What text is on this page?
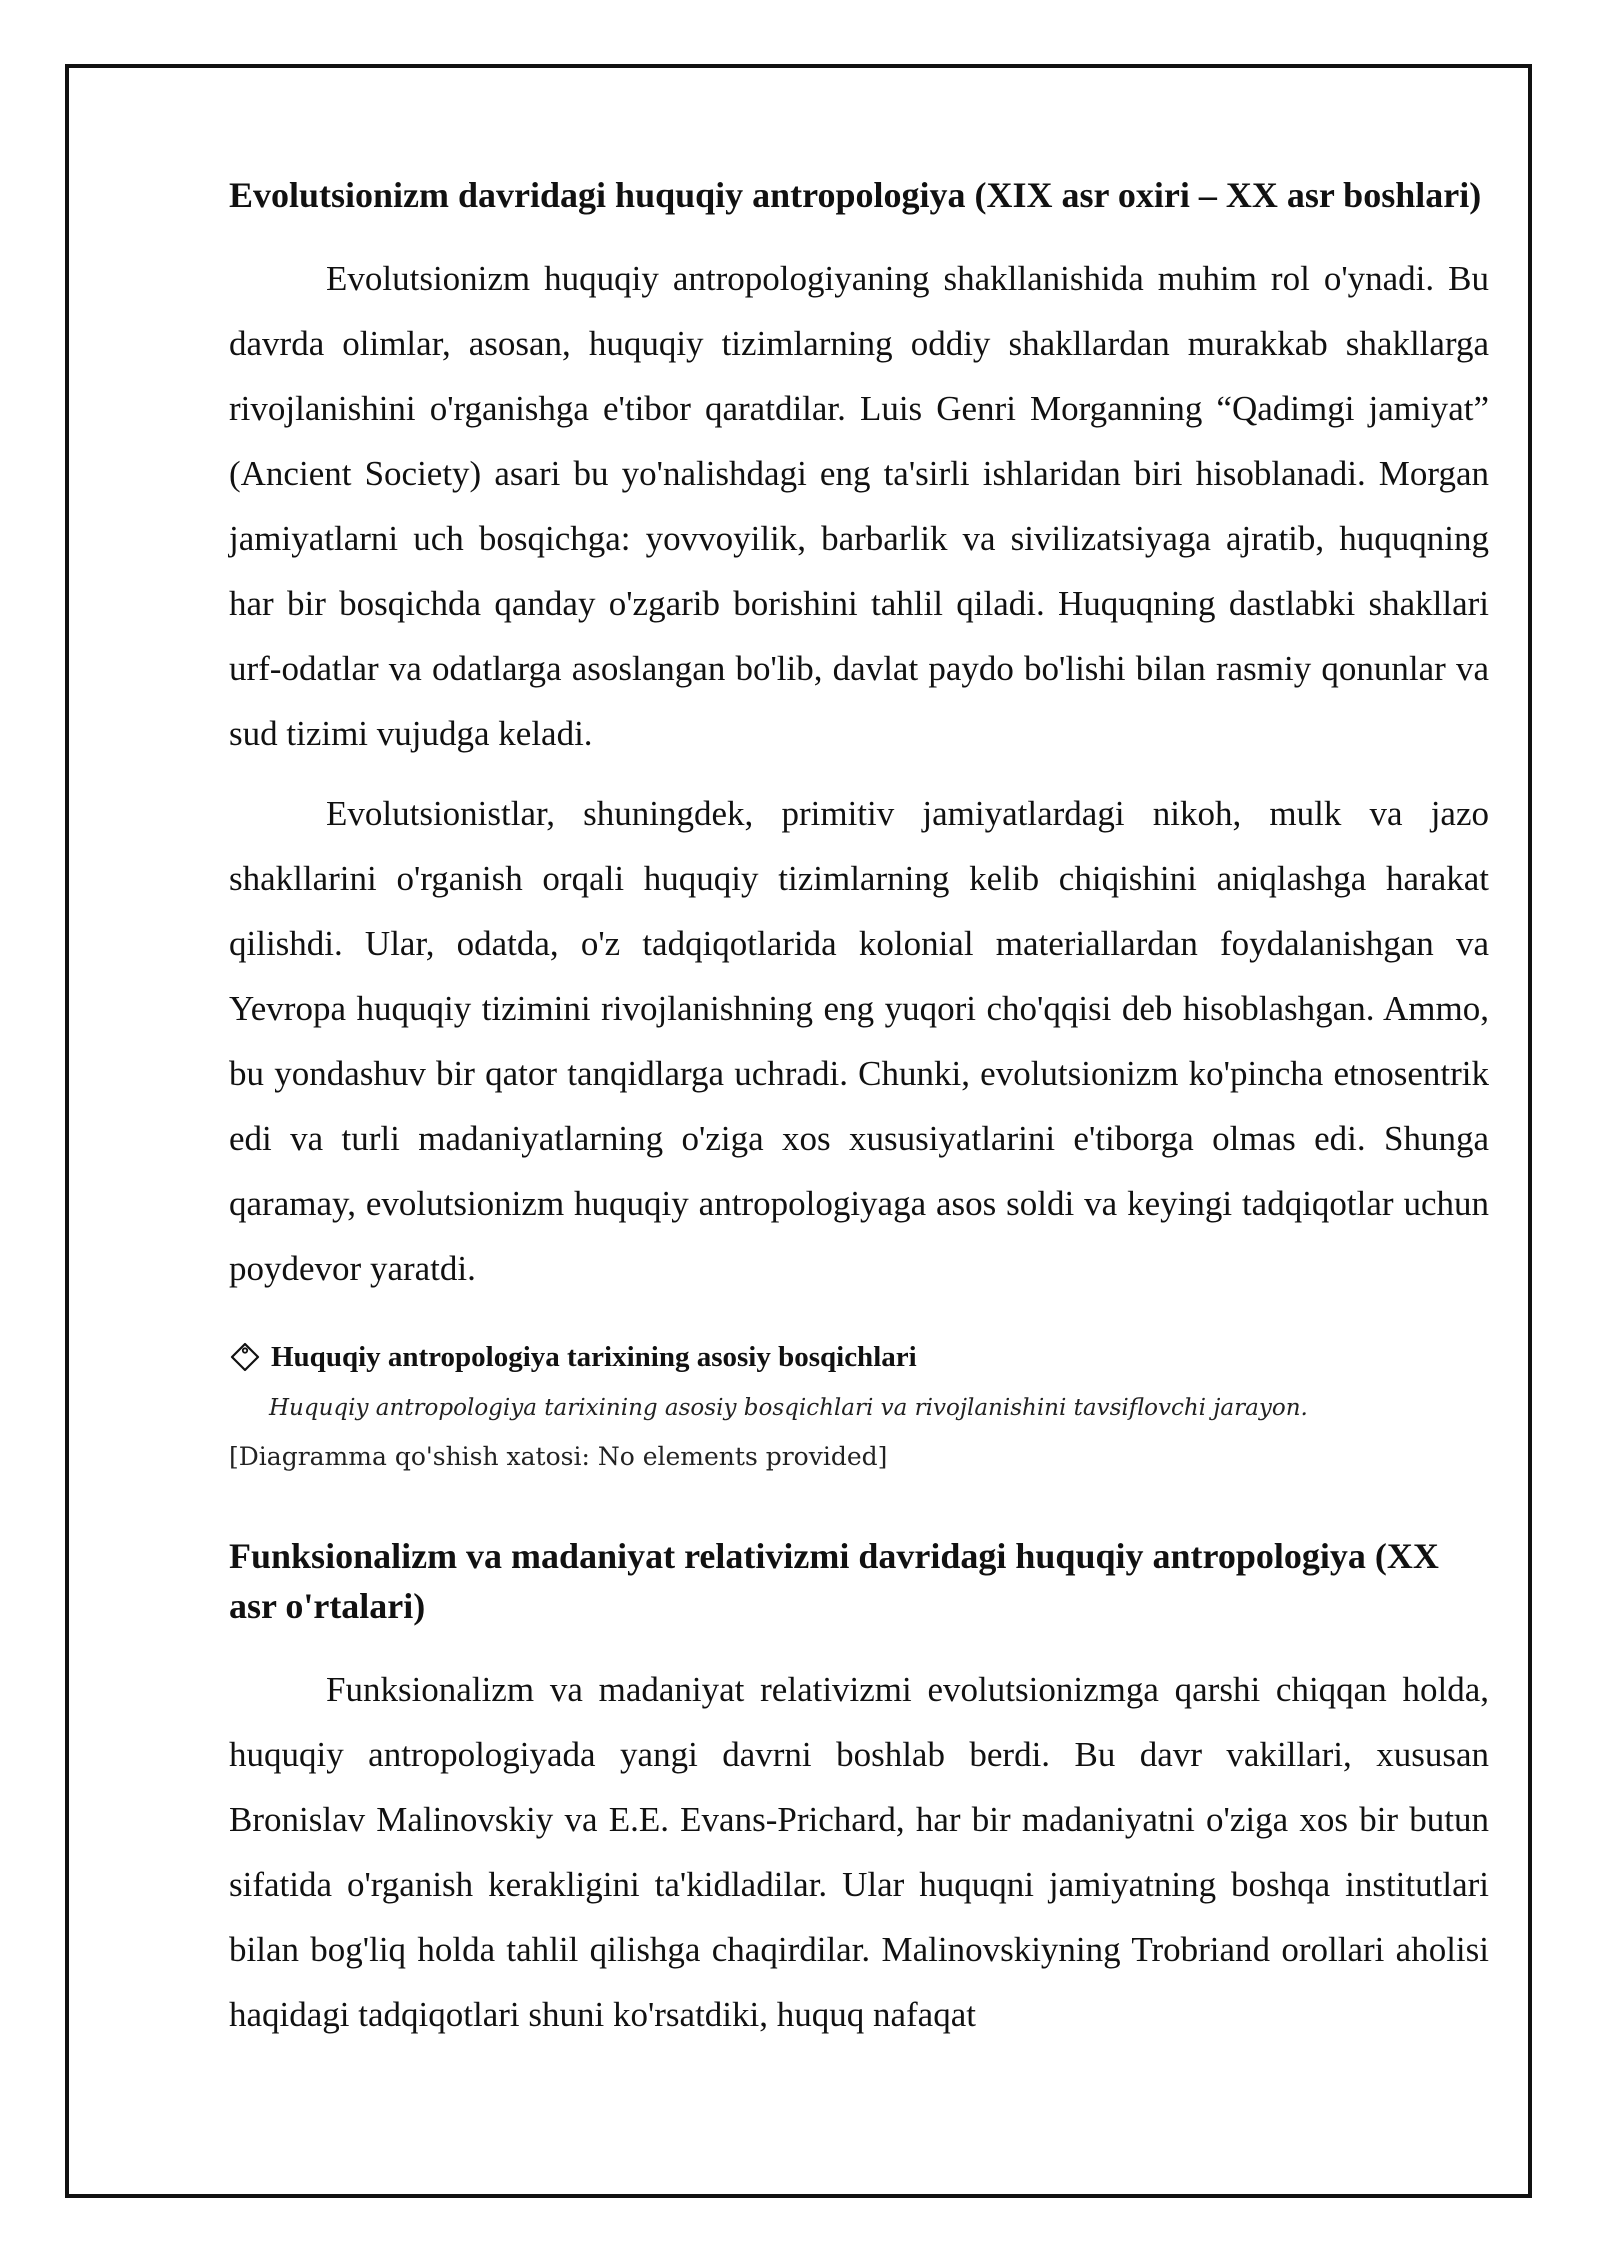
Evolutsionizm davridagi huquqiy antropologiya (XIX asr oxiri – XX asr boshlari)

Evolutsionizm huquqiy antropologiyaning shakllanishida muhim rol o'ynadi. Bu davrda olimlar, asosan, huquqiy tizimlarning oddiy shakllardan murakkab shakllarga rivojlanishini o'rganishga e'tibor qaratdilar. Luis Genri Morganning “Qadimgi jamiyat” (Ancient Society) asari bu yo'nalishdagi eng ta'sirli ishlaridan biri hisoblanadi. Morgan jamiyatlarni uch bosqichga: yovvoyilik, barbarlik va sivilizatsiyaga ajratib, huquqning har bir bosqichda qanday o'zgarib borishini tahlil qiladi. Huquqning dastlabki shakllari urf-odatlar va odatlarga asoslangan bo'lib, davlat paydo bo'lishi bilan rasmiy qonunlar va sud tizimi vujudga keladi.

Evolutsionistlar, shuningdek, primitiv jamiyatlardagi nikoh, mulk va jazo shakllarini o'rganish orqali huquqiy tizimlarning kelib chiqishini aniqlashga harakat qilishdi. Ular, odatda, o'z tadqiqotlarida kolonial materiallardan foydalanishgan va Yevropa huquqiy tizimini rivojlanishning eng yuqori cho'qqisi deb hisoblashgan. Ammo, bu yondashuv bir qator tanqidlarga uchradi. Chunki, evolutsionizm ko'pincha etnosentrik edi va turli madaniyatlarning o'ziga xos xususiyatlarini e'tiborga olmas edi. Shunga qaramay, evolutsionizm huquqiy antropologiyaga asos soldi va keyingi tadqiqotlar uchun poydevor yaratdi.

Huquqiy antropologiya tarixining asosiy bosqichlari
Huquqiy antropologiya tarixining asosiy bosqichlari va rivojlanishini tavsiflovchi jarayon.
[Diagramma qo'shish xatosi: No elements provided]
Funksionalizm va madaniyat relativizmi davridagi huquqiy antropologiya (XX asr o'rtalari)

Funksionalizm va madaniyat relativizmi evolutsionizmga qarshi chiqqan holda, huquqiy antropologiyada yangi davrni boshlab berdi. Bu davr vakillari, xususan Bronislav Malinovskiy va E.E. Evans-Prichard, har bir madaniyatni o'ziga xos bir butun sifatida o'rganish kerakligini ta'kidladilar. Ular huquqni jamiyatning boshqa institutlari bilan bog'liq holda tahlil qilishga chaqirdilar. Malinovskiyning Trobriand orollari aholisi haqidagi tadqiqotlari shuni ko'rsatdiki, huquq nafaqat
